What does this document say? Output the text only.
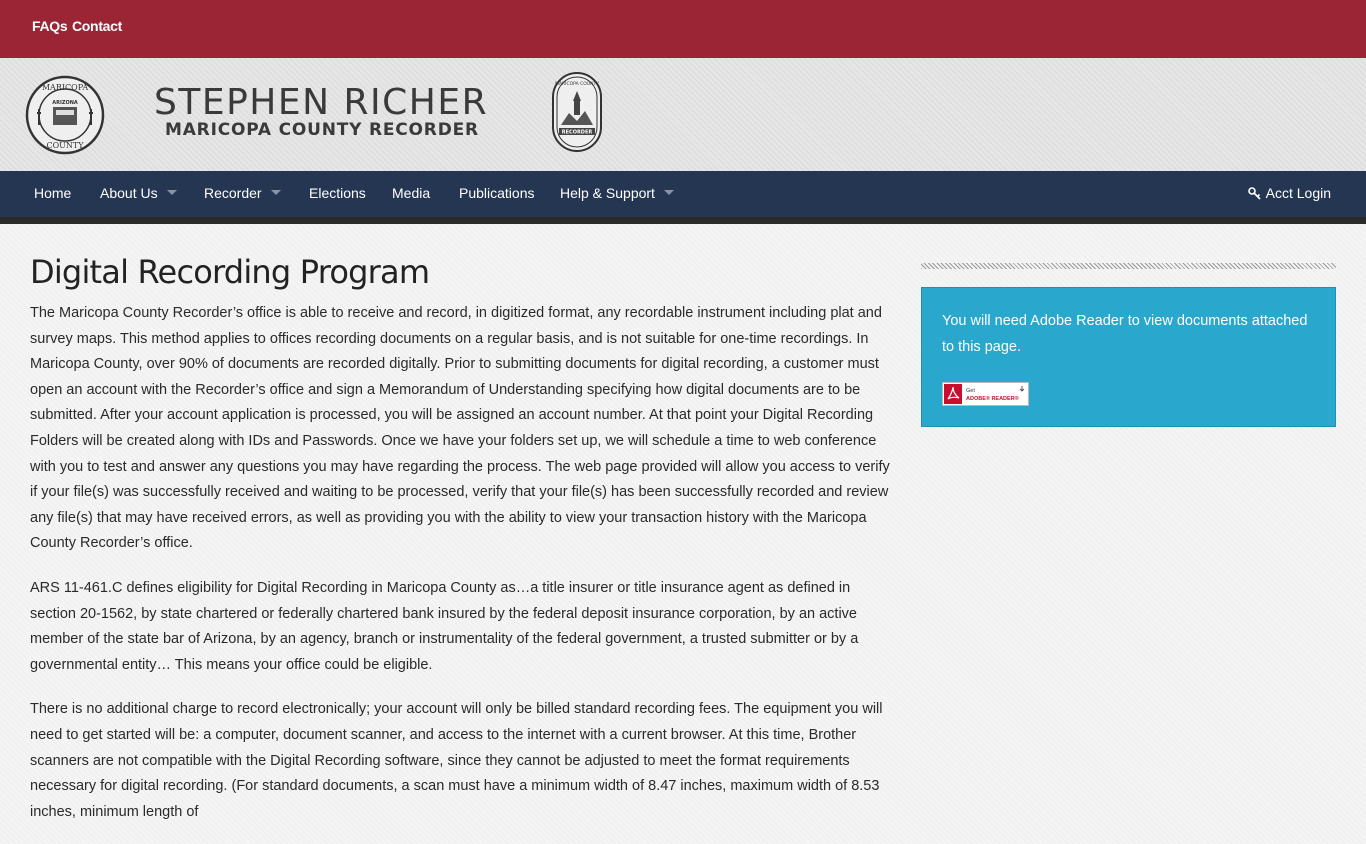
FAQs Contact
MARICOPA
ARIZONA
COUNTY
STEPHEN RICHER
MARICOPA COUNTY RECORDER
MARICOPA COUNTY
RECORDER
Home About Us	Recorder	Elections Media Publications Help & Support	Acct Login
Digital Recording Program

The Maricopa County Recorder’s office is able to receive and record, in digitized format, any recordable instrument including plat and survey maps. This method applies to offices recording documents on a regular basis, and is not suitable for one-time recordings. In Maricopa County, over 90% of documents are recorded digitally. Prior to submitting documents for digital recording, a customer must open an account with the Recorder’s office and sign a Memorandum of Understanding specifying how digital documents are to be submitted. After your account application is processed, you will be assigned an account number. At that point your Digital Recording Folders will be created along with IDs and Passwords. Once we have your folders set up, we will schedule a time to web conference with you to test and answer any questions you may have regarding the process. The web page provided will allow you access to verify if your file(s) was successfully received and waiting to be processed, verify that your file(s) has been successfully recorded and review any file(s) that may have received errors, as well as providing you with the ability to view your transaction history with the Maricopa County Recorder’s office.

ARS 11-461.C defines eligibility for Digital Recording in Maricopa County as…a title insurer or title insurance agent as defined in section 20-1562, by state chartered or federally chartered bank insured by the federal deposit insurance corporation, by an active member of the state bar of Arizona, by an agency, branch or instrumentality of the federal government, a trusted submitter or by a governmental entity… This means your office could be eligible.

There is no additional charge to record electronically; your account will only be billed standard recording fees. The equipment you will need to get started will be: a computer, document scanner, and access to the internet with a current browser. At this time, Brother scanners are not compatible with the Digital Recording software, since they cannot be adjusted to meet the format requirements necessary for digital recording. (For standard documents, a scan must have a minimum width of 8.47 inches, maximum width of 8.53 inches, minimum length of

You will need Adobe Reader to view documents attached to this page.
Get
ADOBE® READER®
